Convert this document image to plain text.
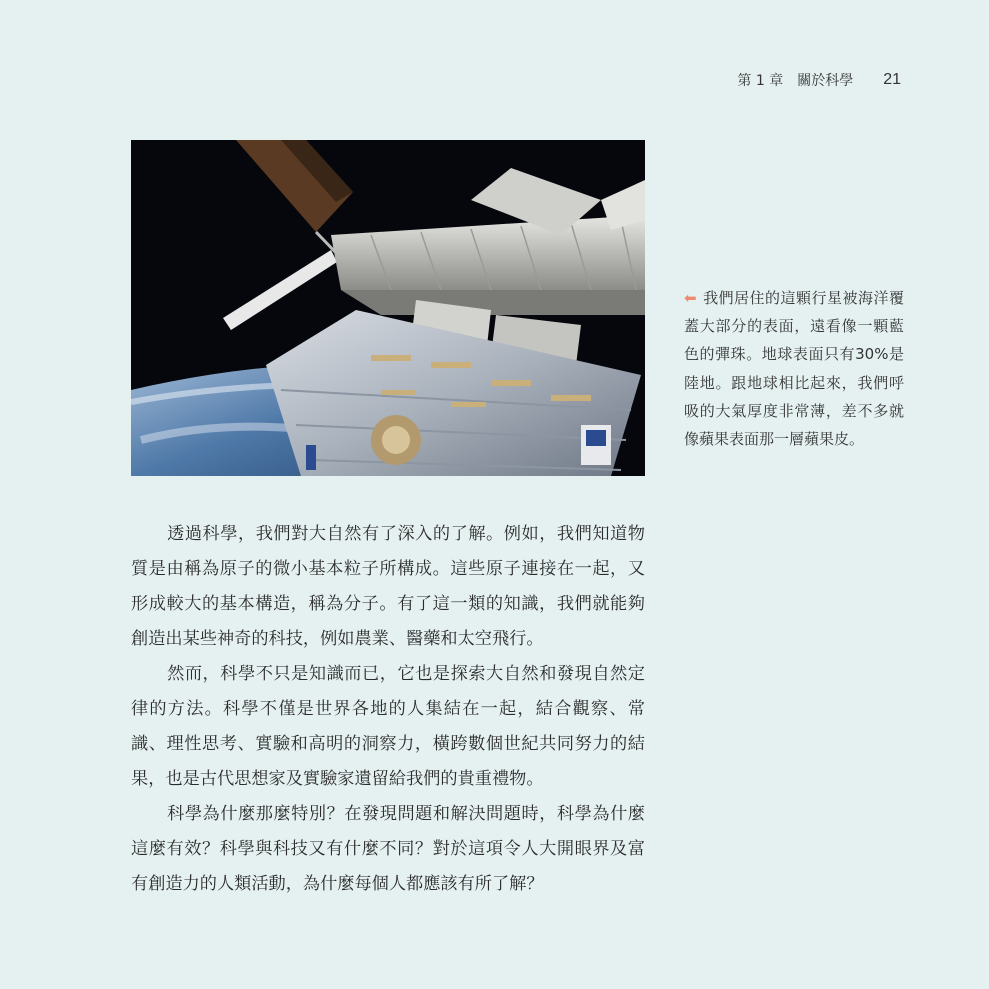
第 1 章　關於科學 21
⬅ 我們居住的這顆行星被海洋覆蓋大部分的表面，遠看像一顆藍色的彈珠。地球表面只有30%是陸地。跟地球相比起來，我們呼吸的大氣厚度非常薄，差不多就像蘋果表面那一層蘋果皮。

透過科學，我們對大自然有了深入的了解。例如，我們知道物質是由稱為原子的微小基本粒子所構成。這些原子連接在一起，又形成較大的基本構造，稱為分子。有了這一類的知識，我們就能夠創造出某些神奇的科技，例如農業、醫藥和太空飛行。

然而，科學不只是知識而已，它也是探索大自然和發現自然定律的方法。科學不僅是世界各地的人集結在一起，結合觀察、常識、理性思考、實驗和高明的洞察力，橫跨數個世紀共同努力的結果，也是古代思想家及實驗家遺留給我們的貴重禮物。

科學為什麼那麼特別？在發現問題和解決問題時，科學為什麼這麼有效？科學與科技又有什麼不同？對於這項令人大開眼界及富有創造力的人類活動，為什麼每個人都應該有所了解？
